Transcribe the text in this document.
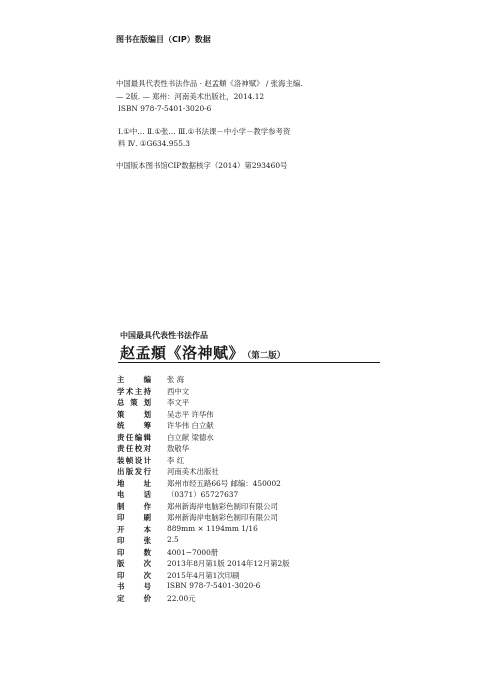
图书在版编目（CIP）数据
中国最具代表性书法作品 · 赵孟頫《洛神赋》 / 张海主编.
— 2版. — 郑州：河南美术出版社，2014.12
ISBN 978-7-5401-3020-6
Ⅰ.①中… Ⅱ.①张… Ⅲ.①书法课－中小学－教学参考资
料 Ⅳ. ①G634.955.3
中国版本图书馆CIP数据核字（2014）第293460号
中国最具代表性书法作品
赵孟頫《洛神赋》 （第二版）
主编 张 海
学术主持 西中文
总策划 李文平
策划 吴志平 许华伟
统筹 许华伟 白立献
责任编辑 白立献 梁德水
责任校对 敖敬华
装帧设计 李 红
出版发行 河南美术出版社
地址 郑州市经五路66号 邮编：450002
电话 （0371）65727637
制作 郑州新海岸电脑彩色制印有限公司
印刷 郑州新海岸电脑彩色制印有限公司
开本 889mm × 1194mm 1/16
印张 2.5
印数 4001−7000册
版次 2013年8月第1版 2014年12月第2版
印次 2015年4月第1次印刷
书号 ISBN 978-7-5401-3020-6
定价 22.00元
